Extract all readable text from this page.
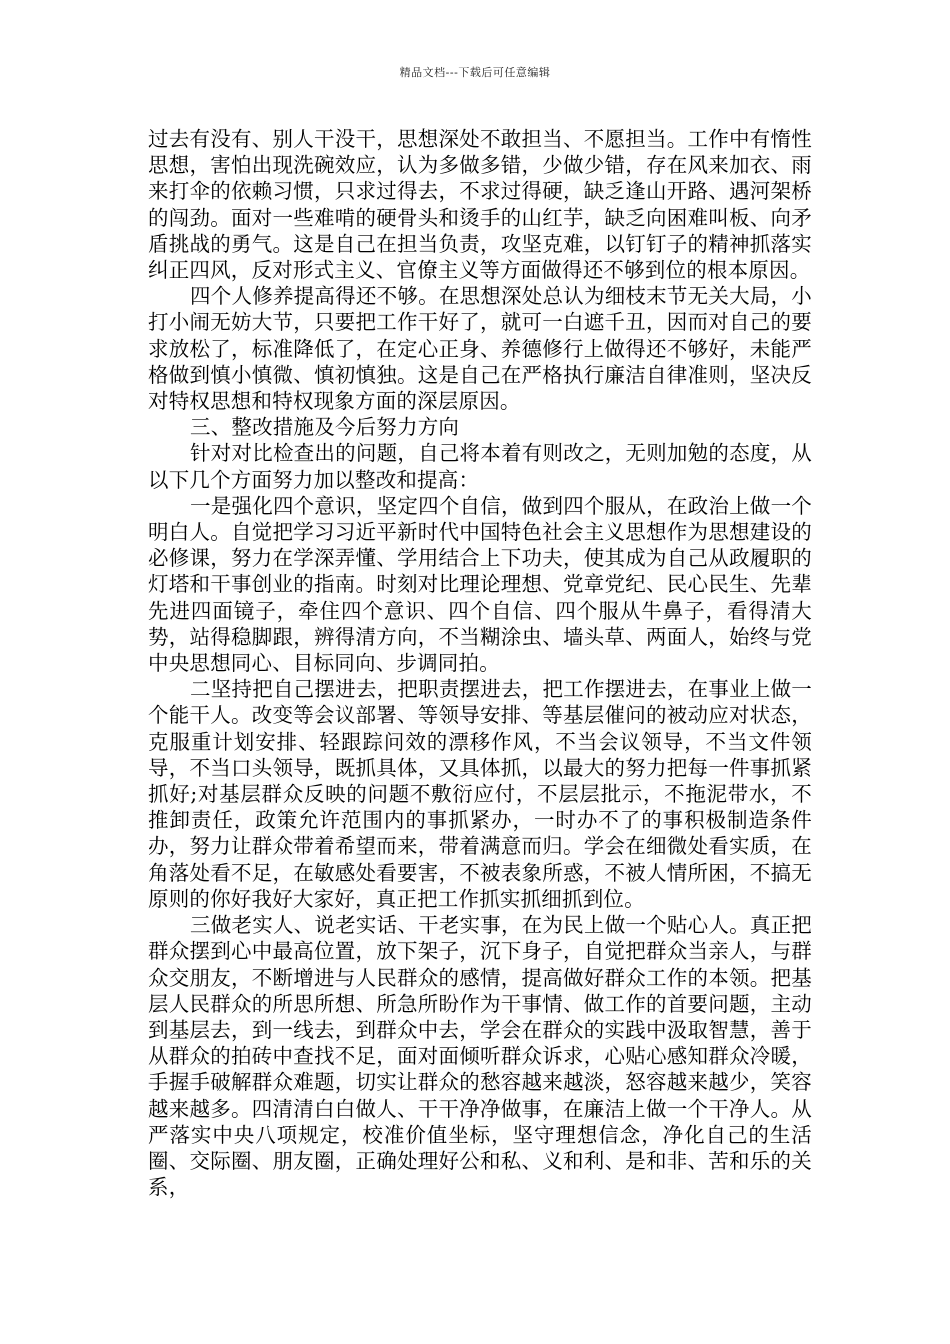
精品文档---下载后可任意编辑

过去有没有、别人干没干，思想深处不敢担当、不愿担当。工作中有惰性思想，害怕出现洗碗效应，认为多做多错，少做少错，存在风来加衣、雨来打伞的依赖习惯，只求过得去，不求过得硬，缺乏逢山开路、遇河架桥的闯劲。面对一些难啃的硬骨头和烫手的山红芋，缺乏向困难叫板、向矛盾挑战的勇气。这是自己在担当负责，攻坚克难，以钉钉子的精神抓落实纠正四风，反对形式主义、官僚主义等方面做得还不够到位的根本原因。

四个人修养提高得还不够。在思想深处总认为细枝末节无关大局，小打小闹无妨大节，只要把工作干好了，就可一白遮千丑，因而对自己的要求放松了，标准降低了，在定心正身、养德修行上做得还不够好，未能严格做到慎小慎微、慎初慎独。这是自己在严格执行廉洁自律准则，坚决反对特权思想和特权现象方面的深层原因。

三、整改措施及今后努力方向

针对对比检查出的问题，自己将本着有则改之，无则加勉的态度，从以下几个方面努力加以整改和提高：

一是强化四个意识，坚定四个自信，做到四个服从，在政治上做一个明白人。自觉把学习习近平新时代中国特色社会主义思想作为思想建设的必修课，努力在学深弄懂、学用结合上下功夫，使其成为自己从政履职的灯塔和干事创业的指南。时刻对比理论理想、党章党纪、民心民生、先辈先进四面镜子，牵住四个意识、四个自信、四个服从牛鼻子，看得清大势，站得稳脚跟，辨得清方向，不当糊涂虫、墙头草、两面人，始终与党中央思想同心、目标同向、步调同拍。

二坚持把自己摆进去，把职责摆进去，把工作摆进去，在事业上做一个能干人。改变等会议部署、等领导安排、等基层催问的被动应对状态，克服重计划安排、轻跟踪问效的漂移作风，不当会议领导，不当文件领导，不当口头领导，既抓具体，又具体抓，以最大的努力把每一件事抓紧抓好;对基层群众反映的问题不敷衍应付，不层层批示，不拖泥带水，不推卸责任，政策允许范围内的事抓紧办，一时办不了的事积极制造条件办，努力让群众带着希望而来，带着满意而归。学会在细微处看实质，在角落处看不足，在敏感处看要害，不被表象所惑，不被人情所困，不搞无原则的你好我好大家好，真正把工作抓实抓细抓到位。

三做老实人、说老实话、干老实事，在为民上做一个贴心人。真正把群众摆到心中最高位置，放下架子，沉下身子，自觉把群众当亲人，与群众交朋友，不断增进与人民群众的感情，提高做好群众工作的本领。把基层人民群众的所思所想、所急所盼作为干事情、做工作的首要问题，主动到基层去，到一线去，到群众中去，学会在群众的实践中汲取智慧，善于从群众的拍砖中查找不足，面对面倾听群众诉求，心贴心感知群众冷暖，手握手破解群众难题，切实让群众的愁容越来越淡，怒容越来越少，笑容越来越多。四清清白白做人、干干净净做事，在廉洁上做一个干净人。从严落实中央八项规定，校准价值坐标，坚守理想信念，净化自己的生活圈、交际圈、朋友圈，正确处理好公和私、义和利、是和非、苦和乐的关系，
